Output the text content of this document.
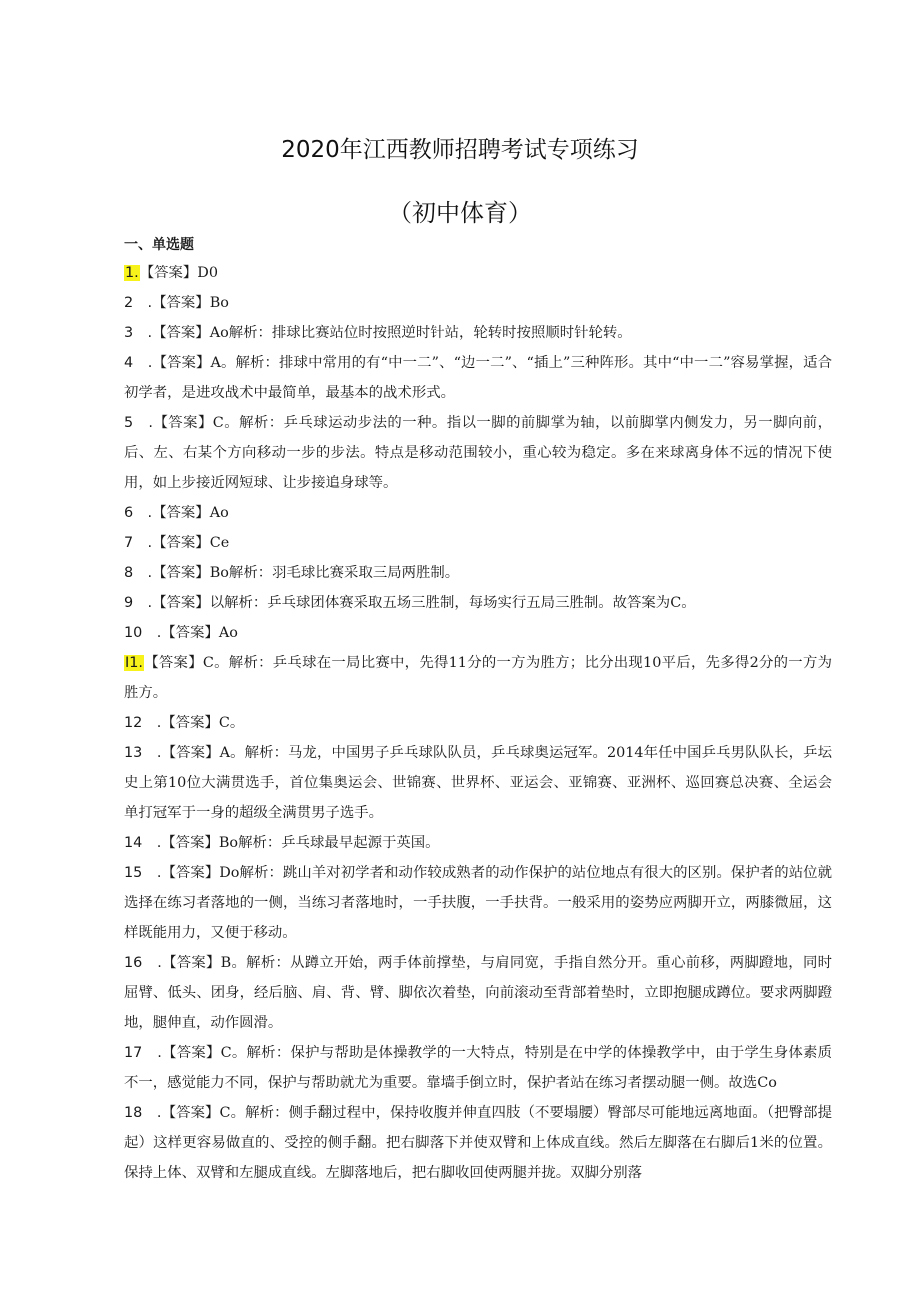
2020年江西教师招聘考试专项练习
（初中体育）
一、单选题

1.【答案】D0

2　.【答案】Bo

3　.【答案】Ao解析：排球比赛站位时按照逆时针站，轮转时按照顺时针轮转。

4　.【答案】A。解析：排球中常用的有“中一二”、“边一二”、“插上”三种阵形。其中“中一二”容易掌握，适合初学者，是进攻战术中最简单，最基本的战术形式。

5　.【答案】C。解析：乒乓球运动步法的一种。指以一脚的前脚掌为轴，以前脚掌内侧发力，另一脚向前，后、左、右某个方向移动一步的步法。特点是移动范围较小，重心较为稳定。多在来球离身体不远的情况下使用，如上步接近网短球、让步接追身球等。

6　.【答案】Ao

7　.【答案】Ce

8　.【答案】Bo解析：羽毛球比赛采取三局两胜制。

9　.【答案】以解析：乒乓球团体赛采取五场三胜制，每场实行五局三胜制。故答案为C。

10　.【答案】Ao

I1.【答案】C。解析：乒乓球在一局比赛中，先得11分的一方为胜方；比分出现10平后，先多得2分的一方为胜方。

12　.【答案】C。

13　.【答案】A。解析：马龙，中国男子乒乓球队队员，乒乓球奥运冠军。2014年任中国乒乓男队队长，乒坛史上第10位大满贯选手，首位集奥运会、世锦赛、世界杯、亚运会、亚锦赛、亚洲杯、巡回赛总决赛、全运会单打冠军于一身的超级全满贯男子选手。

14　.【答案】Bo解析：乒乓球最早起源于英国。

15　.【答案】Do解析：跳山羊对初学者和动作较成熟者的动作保护的站位地点有很大的区别。保护者的站位就选择在练习者落地的一侧，当练习者落地时，一手扶腹，一手扶背。一般采用的姿势应两脚开立，两膝微屈，这样既能用力，又便于移动。

16　.【答案】B。解析：从蹲立开始，两手体前撑垫，与肩同宽，手指自然分开。重心前移，两脚蹬地，同时屈臂、低头、团身，经后脑、肩、背、臂、脚依次着垫，向前滚动至背部着垫时，立即抱腿成蹲位。要求两脚蹬地，腿伸直，动作圆滑。

17　.【答案】C。解析：保护与帮助是体操教学的一大特点，特别是在中学的体操教学中，由于学生身体素质不一，感觉能力不同，保护与帮助就尤为重要。靠墙手倒立时，保护者站在练习者摆动腿一侧。故选Co

18　.【答案】C。解析：侧手翻过程中，保持收腹并伸直四肢（不要塌腰）臀部尽可能地远离地面。（把臀部提起）这样更容易做直的、受控的侧手翻。把右脚落下并使双臂和上体成直线。然后左脚落在右脚后1米的位置。保持上体、双臂和左腿成直线。左脚落地后，把右脚收回使两腿并拢。双脚分别落
